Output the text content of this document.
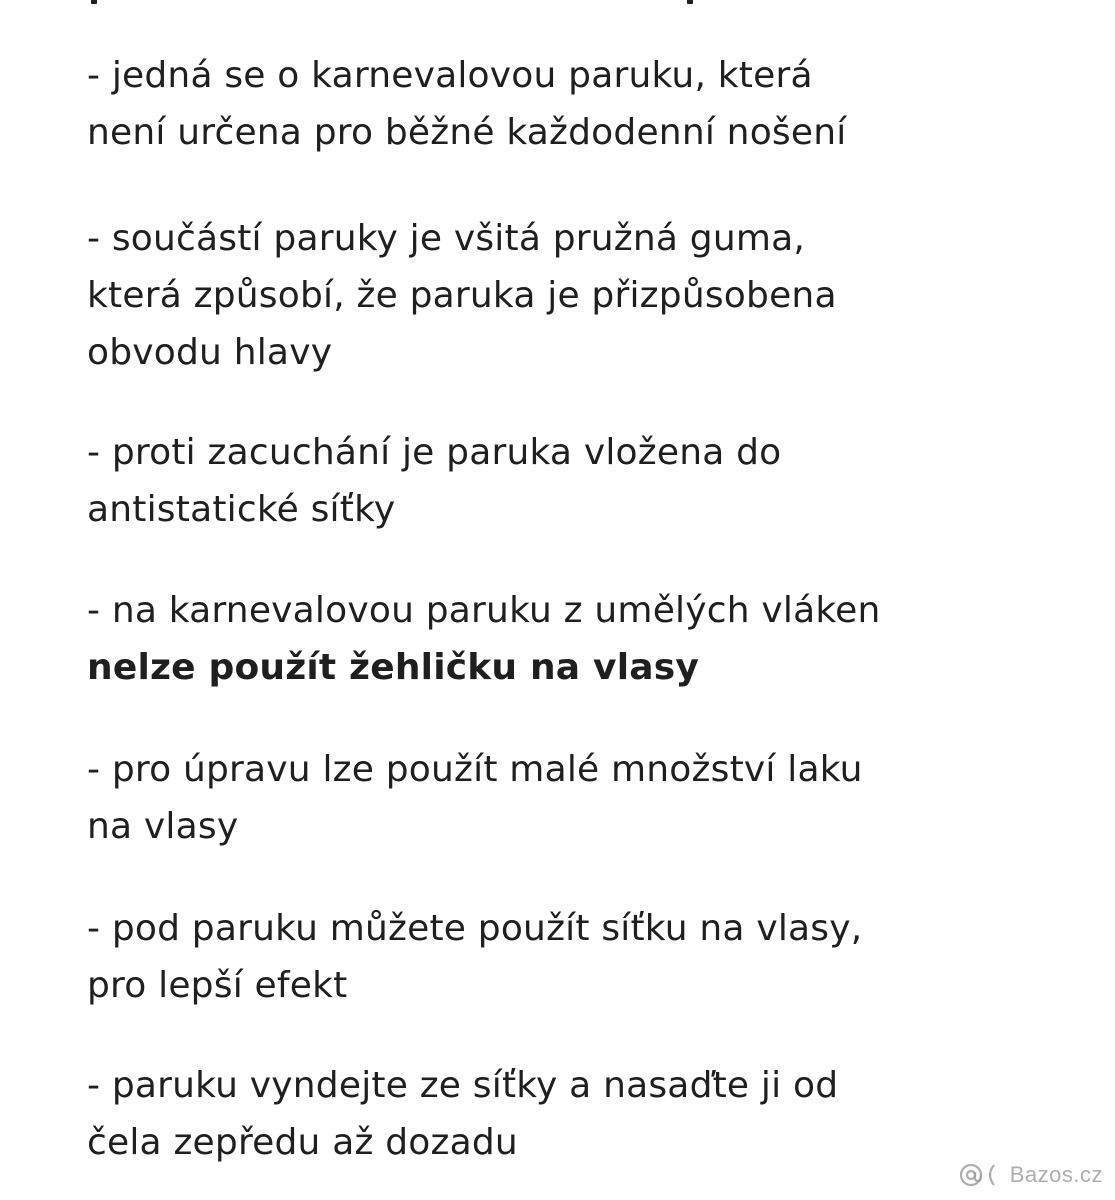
- jedná se o karnevalovou paruku, která
není určena pro běžné každodenní nošení

- součástí paruky je všitá pružná guma,
která způsobí, že paruka je přizpůsobena
obvodu hlavy

- proti zacuchání je paruka vložena do
antistatické síťky

- na karnevalovou paruku z umělých vláken
nelze použít žehličku na vlasy

- pro úpravu lze použít malé množství laku
na vlasy

- pod paruku můžete použít síťku na vlasy,
pro lepší efekt

- paruku vyndejte ze síťky a nasaďte ji od
čela zepředu až dozadu

Bazos.cz
